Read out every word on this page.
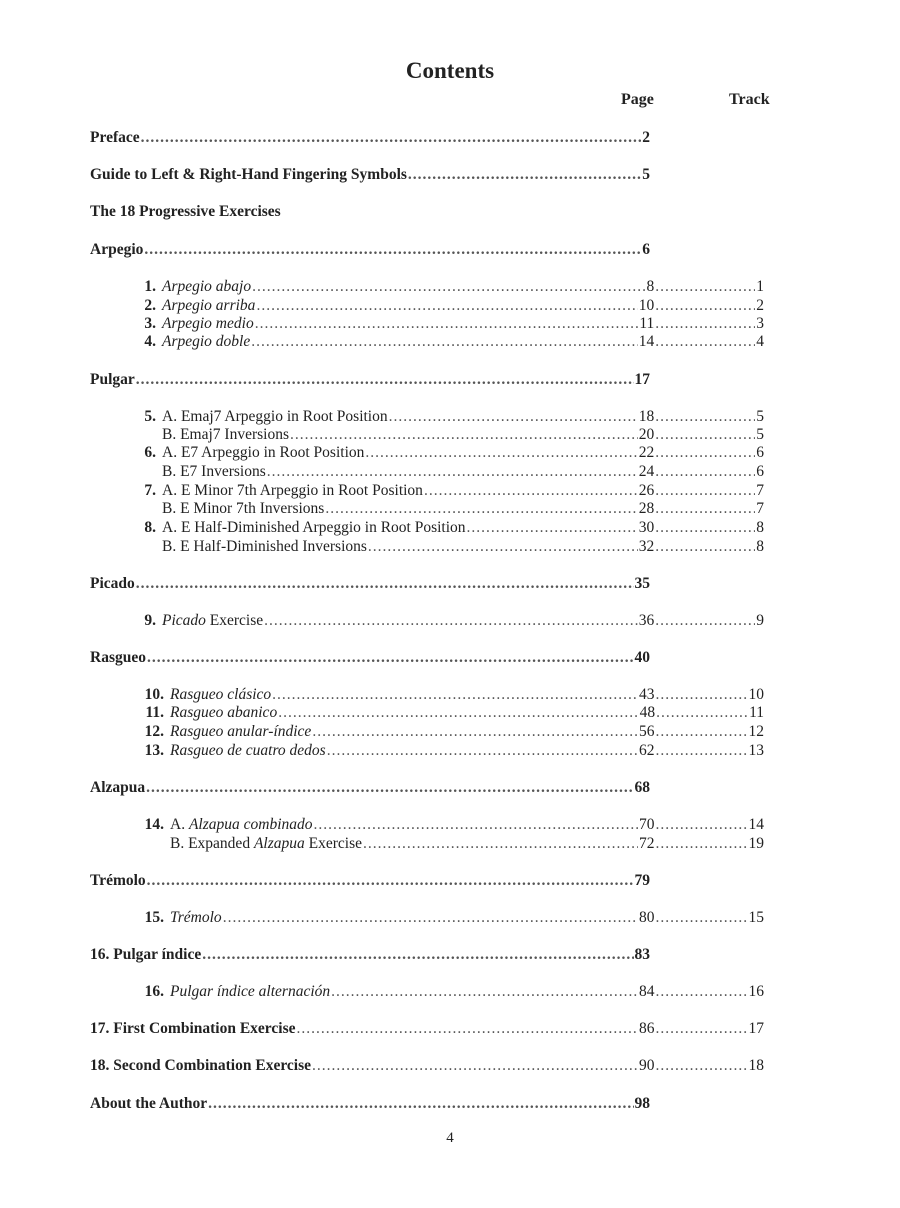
Contents
Page	Track
Preface .....	2
Guide to Left & Right-Hand Fingering Symbols .....	5
The 18 Progressive Exercises
Arpegio .....	6
1. Arpegio abajo .....	8 .....	1
2. Arpegio arriba .....	10 .....	2
3. Arpegio medio .....	11 .....	3
4. Arpegio doble .....	14 .....	4
Pulgar .....	17
5. A. Emaj7 Arpeggio in Root Position .....	18 .....	5
B. Emaj7 Inversions .....	20 .....	5
6. A. E7 Arpeggio in Root Position .....	22 .....	6
B. E7 Inversions .....	24 .....	6
7. A. E Minor 7th Arpeggio in Root Position .....	26 .....	7
B. E Minor 7th Inversions .....	28 .....	7
8. A. E Half-Diminished Arpeggio in Root Position .....	30 .....	8
B. E Half-Diminished Inversions .....	32 .....	8
Picado .....	35
9. Picado Exercise .....	36 .....	9
Rasgueo .....	40
10. Rasgueo clásico .....	43 .....	10
11. Rasgueo abanico .....	48 .....	11
12. Rasgueo anular-índice .....	56 .....	12
13. Rasgueo de cuatro dedos .....	62 .....	13
Alzapua .....	68
14. A. Alzapua combinado .....	70 .....	14
B. Expanded Alzapua Exercise .....	72 .....	19
Trémolo .....	79
15. Trémolo .....	80 .....	15
16. Pulgar índice .....	83
16. Pulgar índice alternación .....	84 .....	16
17. First Combination Exercise .....	86 .....	17
18. Second Combination Exercise .....	90 .....	18
About the Author .....	98
4
